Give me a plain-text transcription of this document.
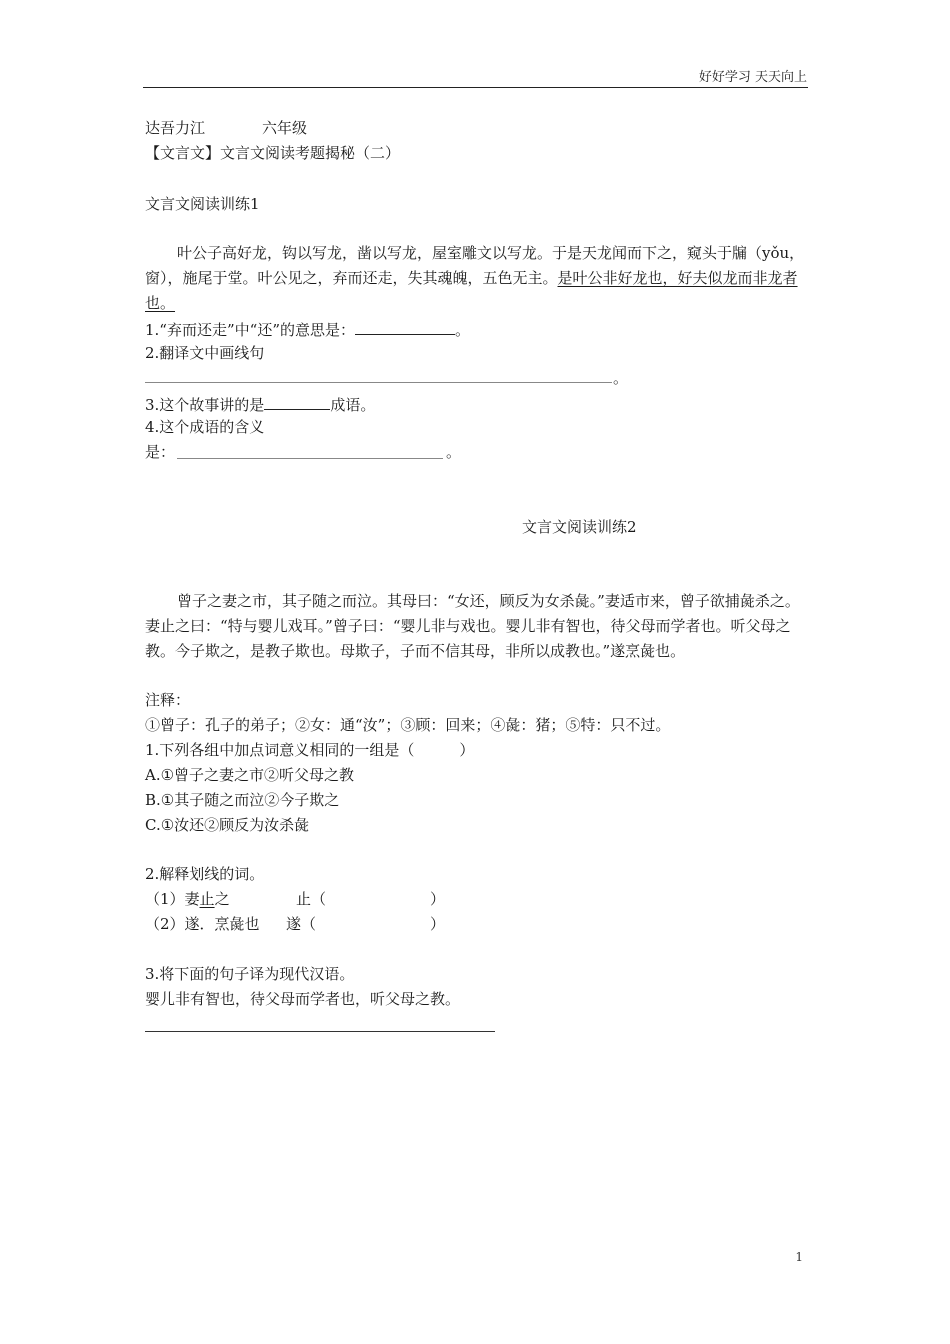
好好学习 天天向上
达吾力江	六年级
【文言文】文言文阅读考题揭秘（二）
文言文阅读训练1
叶公子高好龙，钩以写龙，凿以写龙，屋室雕文以写龙。于是天龙闻而下之，窥头于牖（yǒu，窗），施尾于堂。叶公见之，弃而还走，失其魂魄，五色无主。是叶公非好龙也，好夫似龙而非龙者也。
1.“弃而还走”中“还”的意思是：	。
2.翻译文中画线句
。
3.这个故事讲的是	成语。
4.这个成语的含义
是：	。
文言文阅读训练2
曾子之妻之市，其子随之而泣。其母曰：“女还，顾反为女杀彘。”妻适市来，曾子欲捕彘杀之。妻止之曰：“特与婴儿戏耳。”曾子曰：“婴儿非与戏也。婴儿非有智也，待父母而学者也。听父母之教。今子欺之，是教子欺也。母欺子，子而不信其母，非所以成教也。”遂烹彘也。
注释：
①曾子：孔子的弟子；②女：通“汝”；③顾：回来；④彘：猪；⑤特：只不过。
1.下列各组中加点词意义相同的一组是（　　　）
A.①曾子之妻之市②听父母之教
B.①其子随之而泣②今子欺之
C.①汝还②顾反为汝杀彘
2.解释划线的词。
（1）妻止之	止（	）
（2）遂．烹彘也 遂（	）
3.将下面的句子译为现代汉语。
婴儿非有智也，待父母而学者也，听父母之教。
1
